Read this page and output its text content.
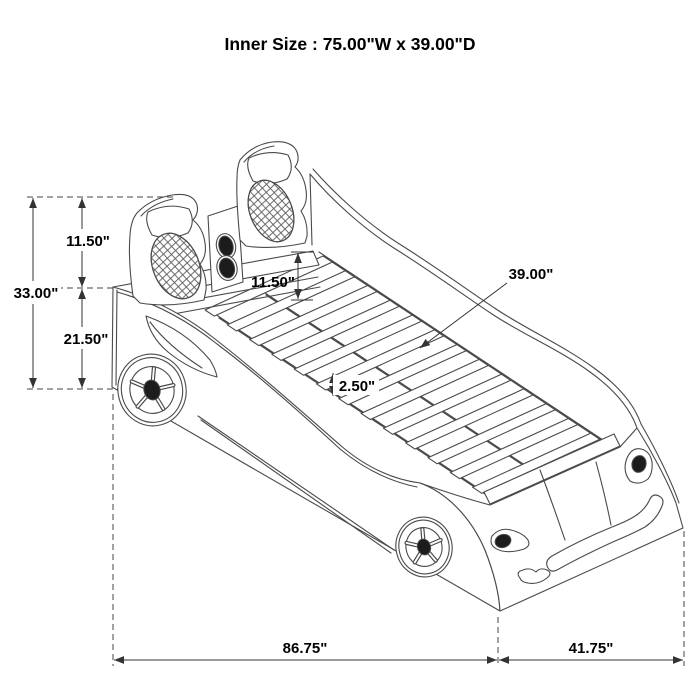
33.00"
11.50"
21.50"
11.50"	39.00"
2.50"
86.75"	41.75"
Inner Size : 75.00"W x 39.00"D
